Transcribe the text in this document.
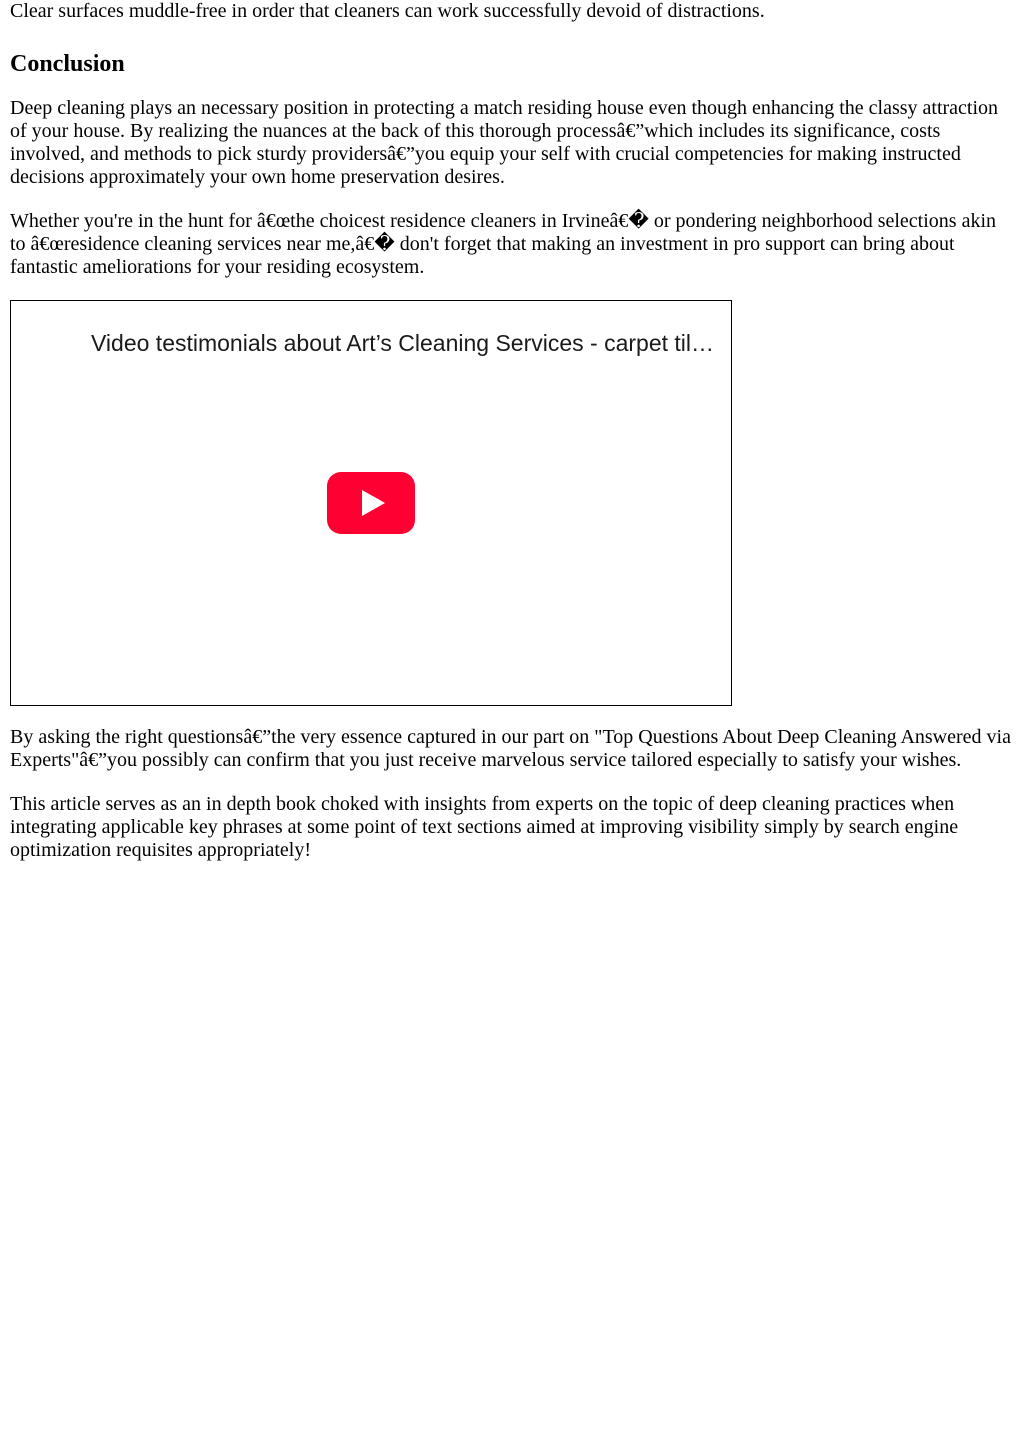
Clear surfaces muddle-free in order that cleaners can work successfully devoid of distractions.

Conclusion

Deep cleaning plays an necessary position in protecting a match residing house even though enhancing the classy attraction of your house. By realizing the nuances at the back of this thorough processâ€”which includes its significance, costs involved, and methods to pick sturdy providersâ€”you equip your self with crucial competencies for making instructed decisions approximately your own home preservation desires.

Whether you're in the hunt for â€œthe choicest residence cleaners in Irvineâ€� or pondering neighborhood selections akin to â€œresidence cleaning services near me,â€� don't forget that making an investment in pro support can bring about fantastic ameliorations for your residing ecosystem.

Video testimonials about Art’s Cleaning Services - carpet til…

By asking the right questionsâ€”the very essence captured in our part on "Top Questions About Deep Cleaning Answered via Experts"â€”you possibly can confirm that you just receive marvelous service tailored especially to satisfy your wishes.

This article serves as an in depth book choked with insights from experts on the topic of deep cleaning practices when integrating applicable key phrases at some point of text sections aimed at improving visibility simply by search engine optimization requisites appropriately!
